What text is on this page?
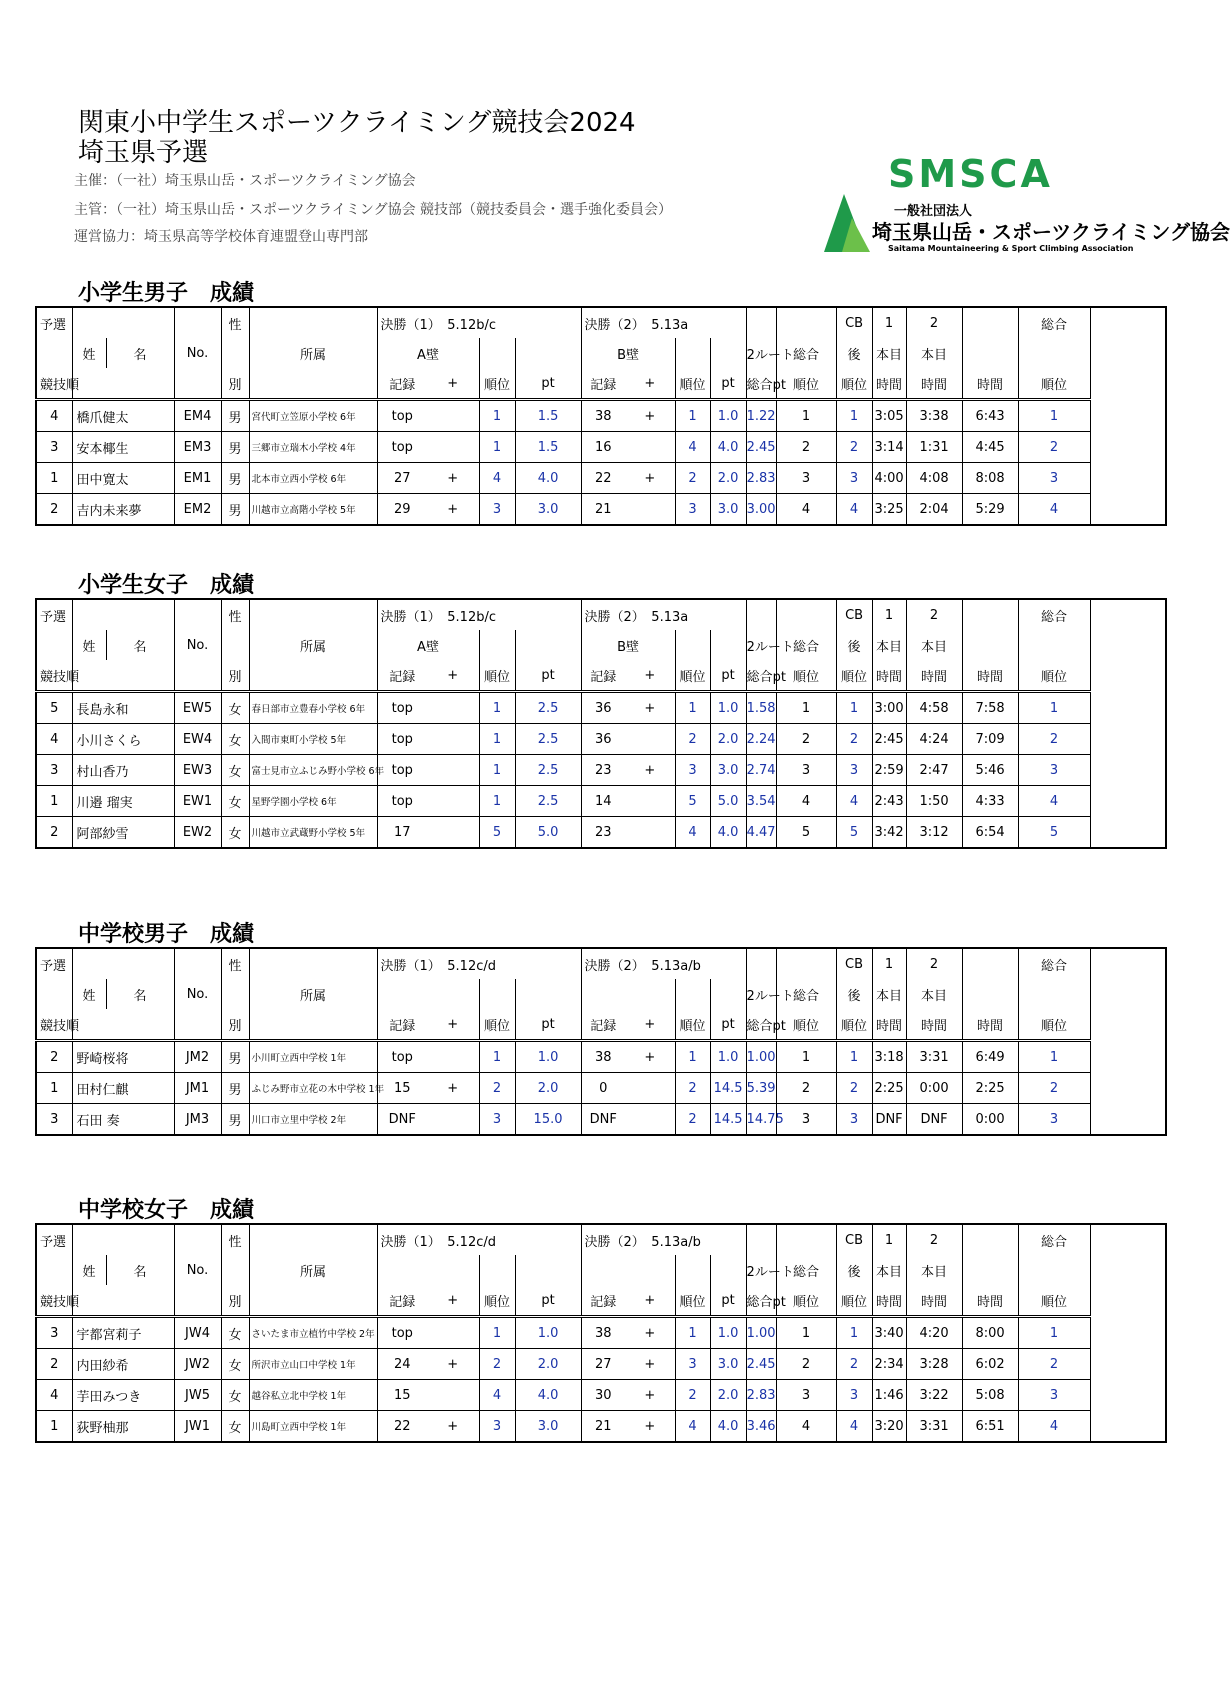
関東小中学生スポーツクライミング競技会2024
埼玉県予選
主催：（一社）埼玉県山岳・スポーツクライミング協会
主管：（一社）埼玉県山岳・スポーツクライミング協会 競技部（競技委員会・選手強化委員会）
運営協力：埼玉県高等学校体育連盟登山専門部
SMSCA
一般社団法人
埼玉県山岳・スポーツクライミング協会
Saitama Mountaineering & Sport Climbing Association
小学生男子　成績
予選				性		決勝（1）　5.12b/c				決勝（2）　5.13a						CB	1	2		総合
	姓	名	No.		所属	A壁				B壁				2ルート	総合	後	本目	本目		
競技順				別		記録	+	順位	pt	記録	+	順位	pt	総合pt	順位	順位	時間	時間	時間	順位
4	橋爪健太		EM4	男	宮代町立笠原小学校 6年	top		1	1.5	38	+	1	1.0	1.22	1	1	3:05	3:38	6:43	1
3	安本椰生		EM3	男	三郷市立瑞木小学校 4年	top		1	1.5	16		4	4.0	2.45	2	2	3:14	1:31	4:45	2
1	田中寛太		EM1	男	北本市立西小学校 6年	27	+	4	4.0	22	+	2	2.0	2.83	3	3	4:00	4:08	8:08	3
2	吉内未来夢		EM2	男	川越市立高階小学校 5年	29	+	3	3.0	21		3	3.0	3.00	4	4	3:25	2:04	5:29	4
小学生女子　成績
予選				性		決勝（1）　5.12b/c				決勝（2）　5.13a						CB	1	2		総合
	姓	名	No.		所属	A壁				B壁				2ルート	総合	後	本目	本目		
競技順				別		記録	+	順位	pt	記録	+	順位	pt	総合pt	順位	順位	時間	時間	時間	順位
5	長島永和		EW5	女	春日部市立豊春小学校 6年	top		1	2.5	36	+	1	1.0	1.58	1	1	3:00	4:58	7:58	1
4	小川さくら		EW4	女	入間市東町小学校 5年	top		1	2.5	36		2	2.0	2.24	2	2	2:45	4:24	7:09	2
3	村山香乃		EW3	女	富士見市立ふじみ野小学校 6年	top		1	2.5	23	+	3	3.0	2.74	3	3	2:59	2:47	5:46	3
1	川邉 瑠実		EW1	女	星野学園小学校 6年	top		1	2.5	14		5	5.0	3.54	4	4	2:43	1:50	4:33	4
2	阿部紗雪		EW2	女	川越市立武蔵野小学校 5年	17		5	5.0	23		4	4.0	4.47	5	5	3:42	3:12	6:54	5
中学校男子　成績
予選				性		決勝（1）　5.12c/d				決勝（2）　5.13a/b						CB	1	2		総合
	姓	名	No.		所属									2ルート	総合	後	本目	本目		
競技順				別		記録	+	順位	pt	記録	+	順位	pt	総合pt	順位	順位	時間	時間	時間	順位
2	野崎桜将		JM2	男	小川町立西中学校 1年	top		1	1.0	38	+	1	1.0	1.00	1	1	3:18	3:31	6:49	1
1	田村仁麒		JM1	男	ふじみ野市立花の木中学校 1年	15	+	2	2.0	0		2	14.5	5.39	2	2	2:25	0:00	2:25	2
3	石田 奏		JM3	男	川口市立里中学校 2年	DNF		3	15.0	DNF		2	14.5	14.75	3	3	DNF	DNF	0:00	3
中学校女子　成績
予選				性		決勝（1）　5.12c/d				決勝（2）　5.13a/b						CB	1	2		総合
	姓	名	No.		所属									2ルート	総合	後	本目	本目		
競技順				別		記録	+	順位	pt	記録	+	順位	pt	総合pt	順位	順位	時間	時間	時間	順位
3	宇都宮莉子		JW4	女	さいたま市立植竹中学校 2年	top		1	1.0	38	+	1	1.0	1.00	1	1	3:40	4:20	8:00	1
2	内田紗希		JW2	女	所沢市立山口中学校 1年	24	+	2	2.0	27	+	3	3.0	2.45	2	2	2:34	3:28	6:02	2
4	芋田みつき		JW5	女	越谷私立北中学校 1年	15		4	4.0	30	+	2	2.0	2.83	3	3	1:46	3:22	5:08	3
1	荻野柚那		JW1	女	川島町立西中学校 1年	22	+	3	3.0	21	+	4	4.0	3.46	4	4	3:20	3:31	6:51	4
